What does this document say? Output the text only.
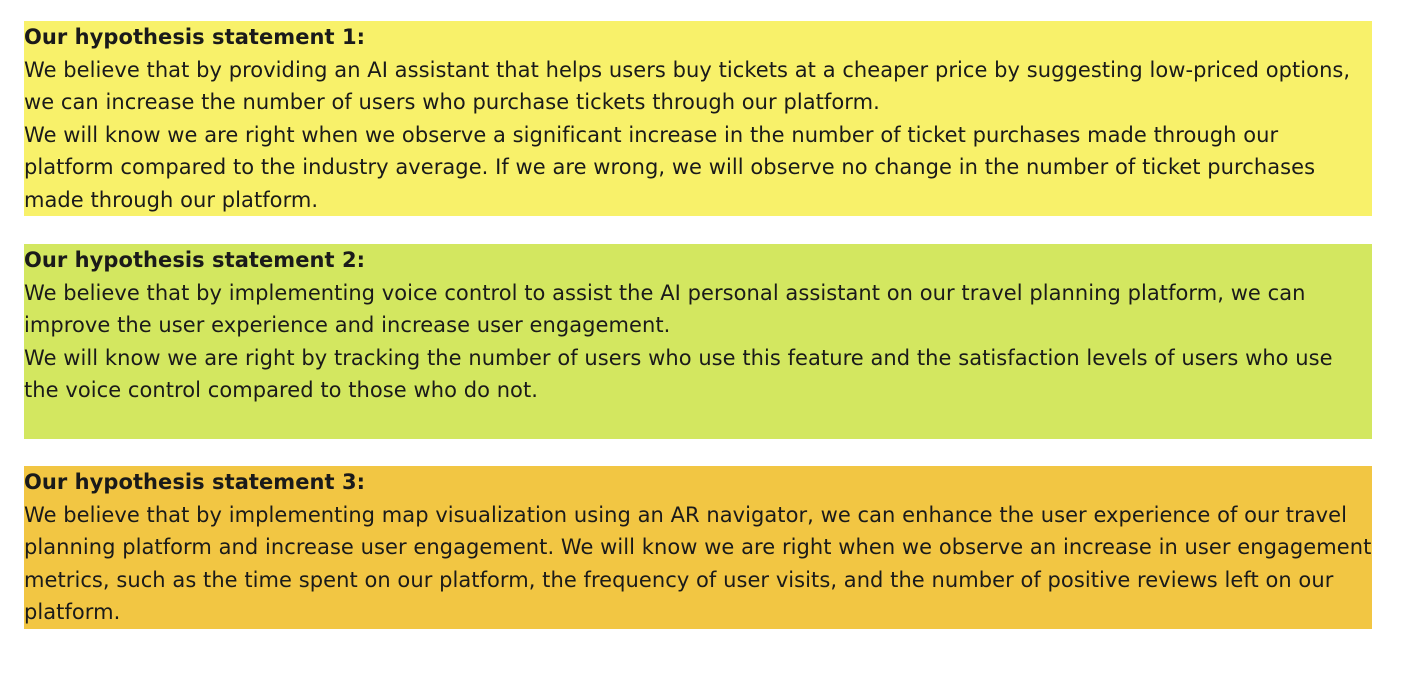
Our hypothesis statement 1:

We believe that by providing an AI assistant that helps users buy tickets at a cheaper price by suggesting low-priced options, we can increase the number of users who purchase tickets through our platform.

We will know we are right when we observe a significant increase in the number of ticket purchases made through our platform compared to the industry average. If we are wrong, we will observe no change in the number of ticket purchases made through our platform.

Our hypothesis statement 2:

We believe that by implementing voice control to assist the AI personal assistant on our travel planning platform, we can improve the user experience and increase user engagement.

We will know we are right by tracking the number of users who use this feature and the satisfaction levels of users who use the voice control compared to those who do not.

Our hypothesis statement 3:

We believe that by implementing map visualization using an AR navigator, we can enhance the user experience of our travel planning platform and increase user engagement. We will know we are right when we observe an increase in user engagement metrics, such as the time spent on our platform, the frequency of user visits, and the number of positive reviews left on our platform.
